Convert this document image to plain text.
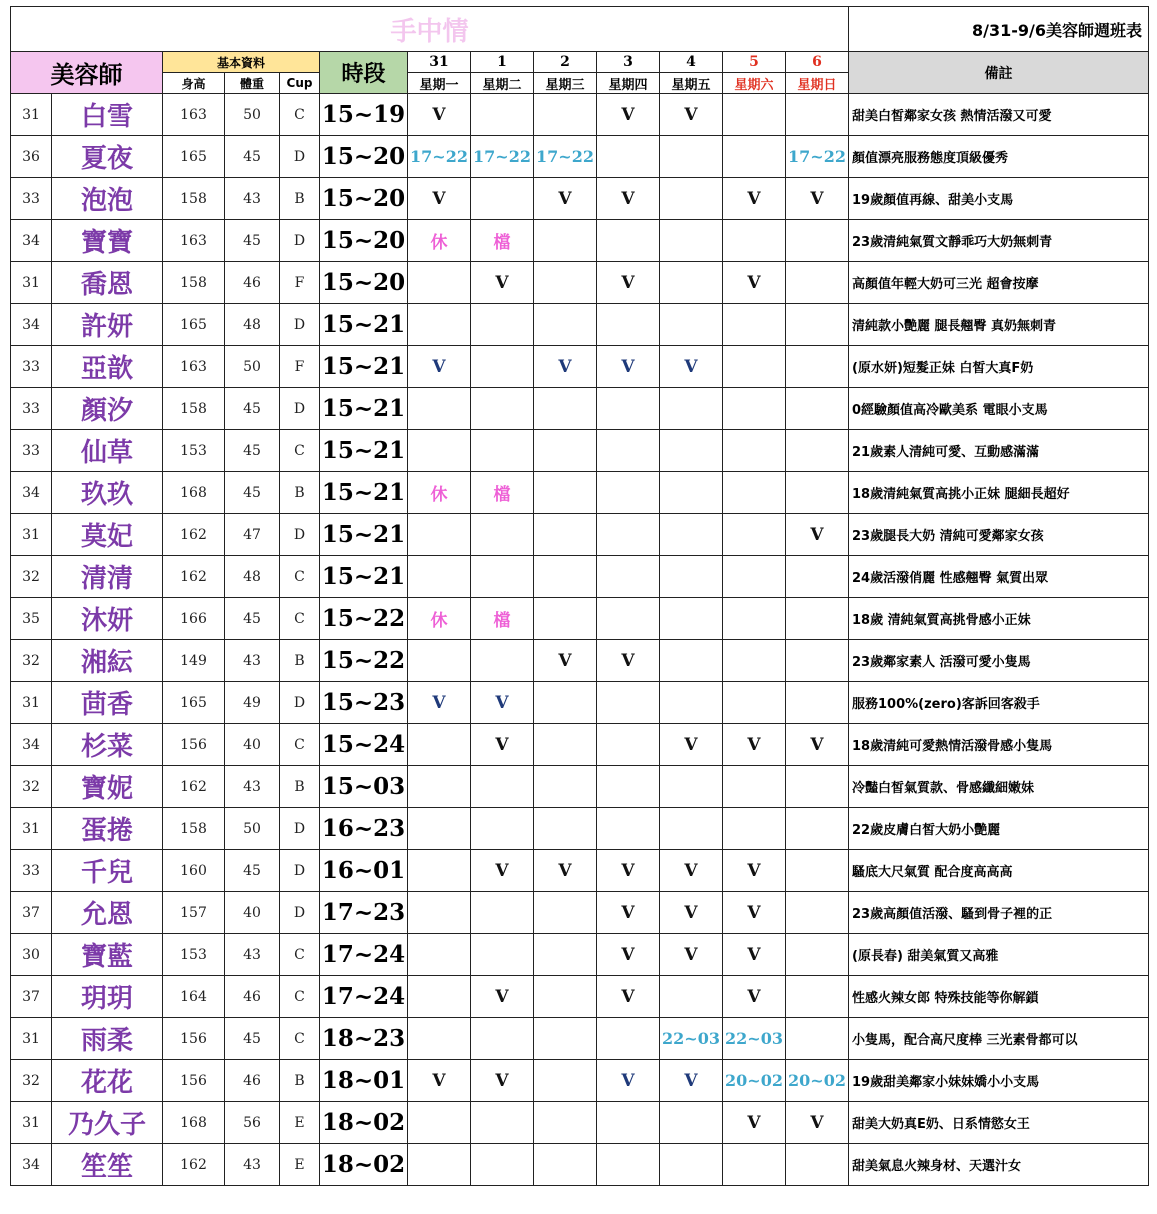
手中情													8/31-9/6美容師週班表
美容師		基本資料			時段	31	1	2	3	4	5	6	備註
		身高	體重	Cup		星期一	星期二	星期三	星期四	星期五	星期六	星期日	
31	白雪	163	50	C	15~19	V			V	V			甜美白皙鄰家女孩 熱情活潑又可愛
36	夏夜	165	45	D	15~20	17~22	17~22	17~22				17~22	顏值漂亮服務態度頂級優秀
33	泡泡	158	43	B	15~20	V		V	V		V	V	19歲顏值再線、甜美小支馬
34	寶寶	163	45	D	15~20	休	檔						23歲清純氣質文靜乖巧大奶無刺青
31	喬恩	158	46	F	15~20		V		V		V		高顏值年輕大奶可三光 超會按摩
34	許妍	165	48	D	15~21								清純款小艷麗 腿長翹臀 真奶無刺青
33	亞歆	163	50	F	15~21	V		V	V	V			(原水妍)短髮正妹 白皙大真F奶
33	顏汐	158	45	D	15~21								0經驗顏值高冷歐美系 電眼小支馬
33	仙草	153	45	C	15~21								21歲素人清純可愛、互動感滿滿
34	玖玖	168	45	B	15~21	休	檔						18歲清純氣質高挑小正妹 腿細長超好
31	莫妃	162	47	D	15~21							V	23歲腿長大奶 清純可愛鄰家女孩
32	清清	162	48	C	15~21								24歲活潑俏麗 性感翹臀 氣質出眾
35	沐妍	166	45	C	15~22	休	檔						18歲 清純氣質高挑骨感小正妹
32	湘紜	149	43	B	15~22			V	V				23歲鄰家素人 活潑可愛小隻馬
31	茴香	165	49	D	15~23	V	V						服務100%(zero)客訴回客殺手
34	杉菜	156	40	C	15~24		V			V	V	V	18歲清純可愛熱情活潑骨感小隻馬
32	寶妮	162	43	B	15~03								冷豔白皙氣質款、骨感纖細嫩妹
31	蛋捲	158	50	D	16~23								22歲皮膚白皙大奶小艷麗
33	千兒	160	45	D	16~01		V	V	V	V	V		騷底大尺氣質 配合度高高高
37	允恩	157	40	D	17~23				V	V	V		23歲高顏值活潑、騷到骨子裡的正
30	寶藍	153	43	C	17~24				V	V	V		(原長春) 甜美氣質又高雅
37	玥玥	164	46	C	17~24		V		V		V		性感火辣女郎 特殊技能等你解鎖
31	雨柔	156	45	C	18~23					22~03	22~03		小隻馬，配合高尺度棒 三光素骨都可以
32	花花	156	46	B	18~01	V	V		V	V	20~02	20~02	19歲甜美鄰家小妹妹嬌小小支馬
31	乃久子	168	56	E	18~02						V	V	甜美大奶真E奶、日系情慾女王
34	笙笙	162	43	E	18~02								甜美氣息火辣身材、天選汁女
